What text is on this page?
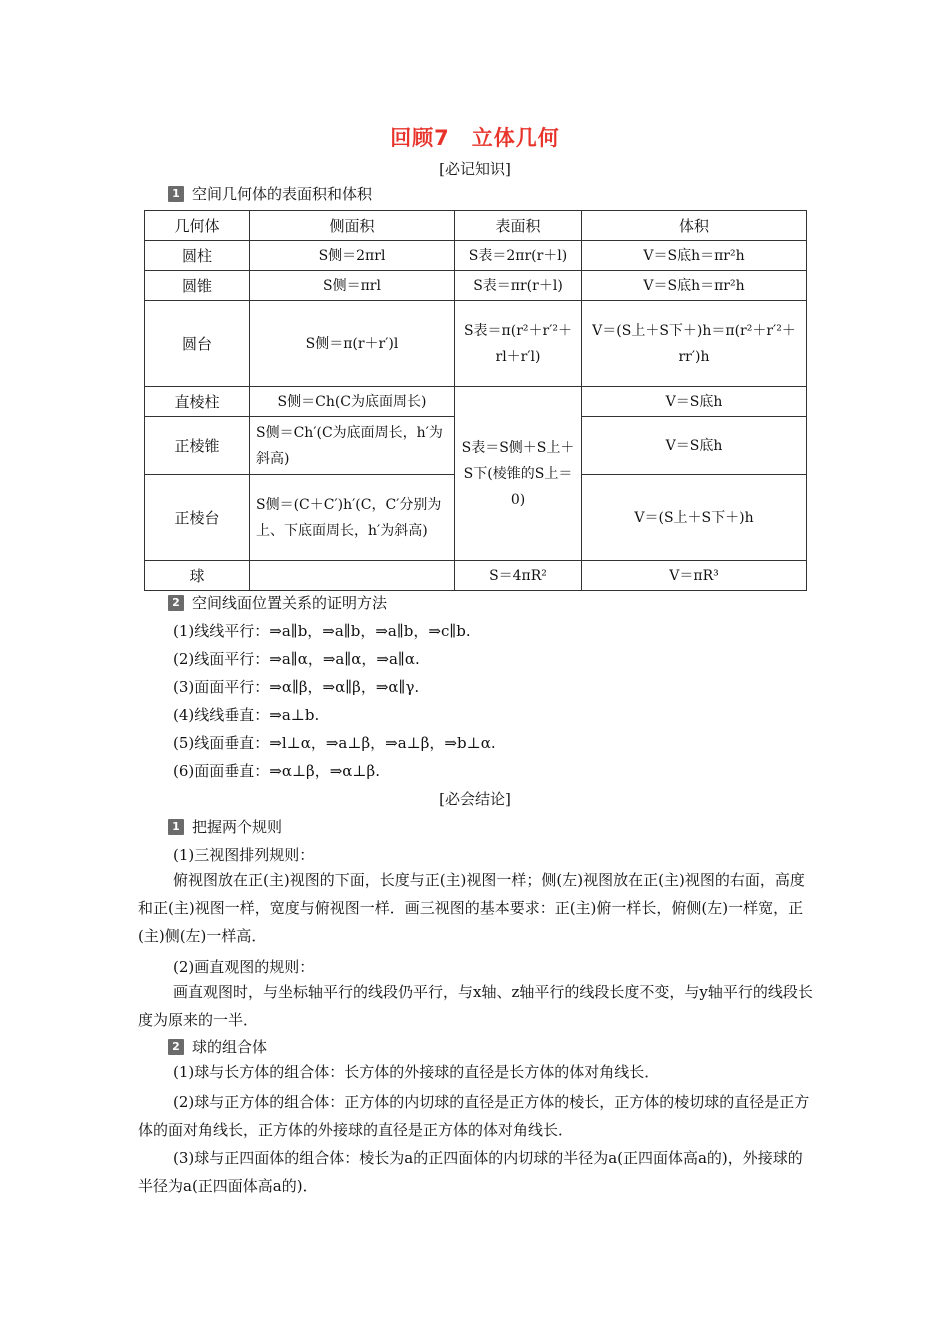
回顾7　立体几何
[必记知识]
1 空间几何体的表面积和体积
几何体	侧面积	表面积	体积
圆柱	S侧＝2πrl	S表＝2πr(r＋l)	V＝S底h＝πr²h
圆锥	S侧＝πrl	S表＝πr(r＋l)	V＝S底h＝πr²h
圆台	S侧＝π(r＋r′)l	S表＝π(r²＋r′²＋rl＋r′l)	V＝(S上＋S下＋)h＝π(r²＋r′²＋rr′)h
直棱柱	S侧＝Ch(C为底面周长)	S表＝S侧＋S上＋S下(棱锥的S上＝0)	V＝S底h
正棱锥	S侧＝Ch′(C为底面周长，h′为斜高)		V＝S底h
正棱台	S侧＝(C＋C′)h′(C，C′分别为上、下底面周长，h′为斜高)		V＝(S上＋S下＋)h
球		S＝4πR²	V＝πR³
2 空间线面位置关系的证明方法
(1)线线平行：⇒a∥b，⇒a∥b，⇒a∥b，⇒c∥b.
(2)线面平行：⇒a∥α，⇒a∥α，⇒a∥α.
(3)面面平行：⇒α∥β，⇒α∥β，⇒α∥γ.
(4)线线垂直：⇒a⊥b.
(5)线面垂直：⇒l⊥α，⇒a⊥β，⇒a⊥β，⇒b⊥α.
(6)面面垂直：⇒α⊥β，⇒α⊥β.
[必会结论]
1 把握两个规则
(1)三视图排列规则：
俯视图放在正(主)视图的下面，长度与正(主)视图一样；侧(左)视图放在正(主)视图的右面，高度和正(主)视图一样，宽度与俯视图一样．画三视图的基本要求：正(主)俯一样长，俯侧(左)一样宽，正(主)侧(左)一样高．
(2)画直观图的规则：
画直观图时，与坐标轴平行的线段仍平行，与x轴、z轴平行的线段长度不变，与y轴平行的线段长度为原来的一半．
2 球的组合体
(1)球与长方体的组合体：长方体的外接球的直径是长方体的体对角线长．
(2)球与正方体的组合体：正方体的内切球的直径是正方体的棱长，正方体的棱切球的直径是正方体的面对角线长，正方体的外接球的直径是正方体的体对角线长．
(3)球与正四面体的组合体：棱长为a的正四面体的内切球的半径为a(正四面体高a的)，外接球的半径为a(正四面体高a的)．
